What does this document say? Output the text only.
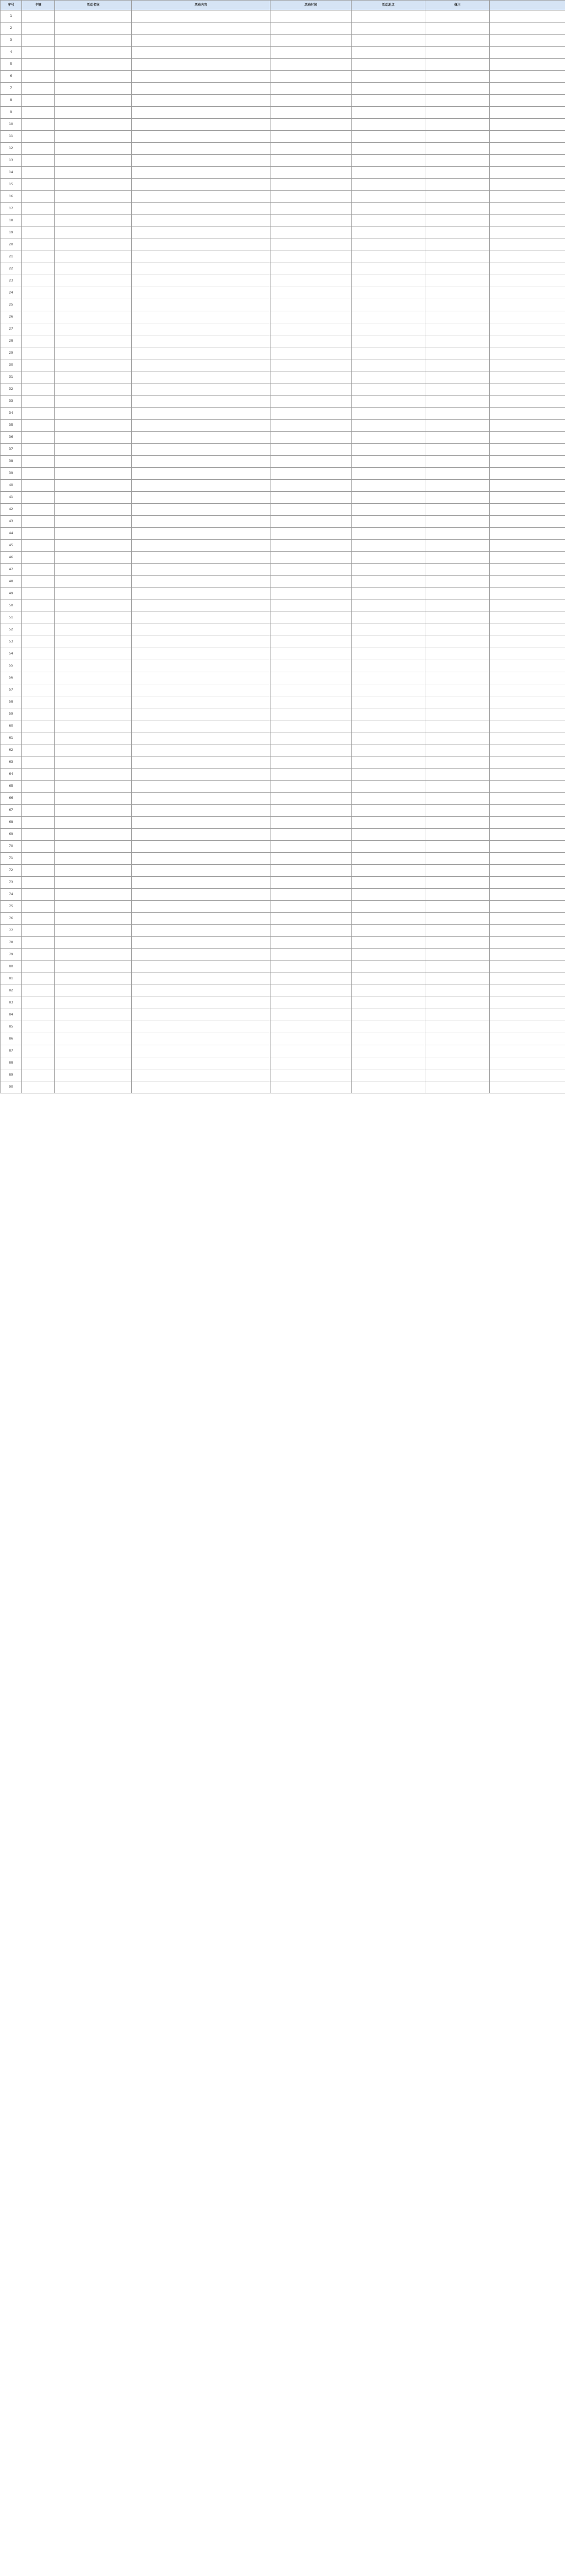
序号	乡镇	活动名称	活动内容	活动时间	活动地点	备注	
1							
2							
3							
4							
5							
6							
7							
8							
9							
10							
11							
12							
13							
14							
15							
16							
17							
18							
19							
20							
21							
22							
23							
24							
25							
26							
27							
28							
29							
30							
31							
32							
33							
34							
35							
36							
37							
38							
39							
40							
41							
42							
43							
44							
45							
46							
47							
48							
49							
50							
51							
52							
53							
54							
55							
56							
57							
58							
59							
60							
61							
62							
63							
64							
65							
66							
67							
68							
69							
70							
71							
72							
73							
74							
75							
76							
77							
78							
79							
80							
81							
82							
83							
84							
85							
86							
87							
88							
89							
90							
